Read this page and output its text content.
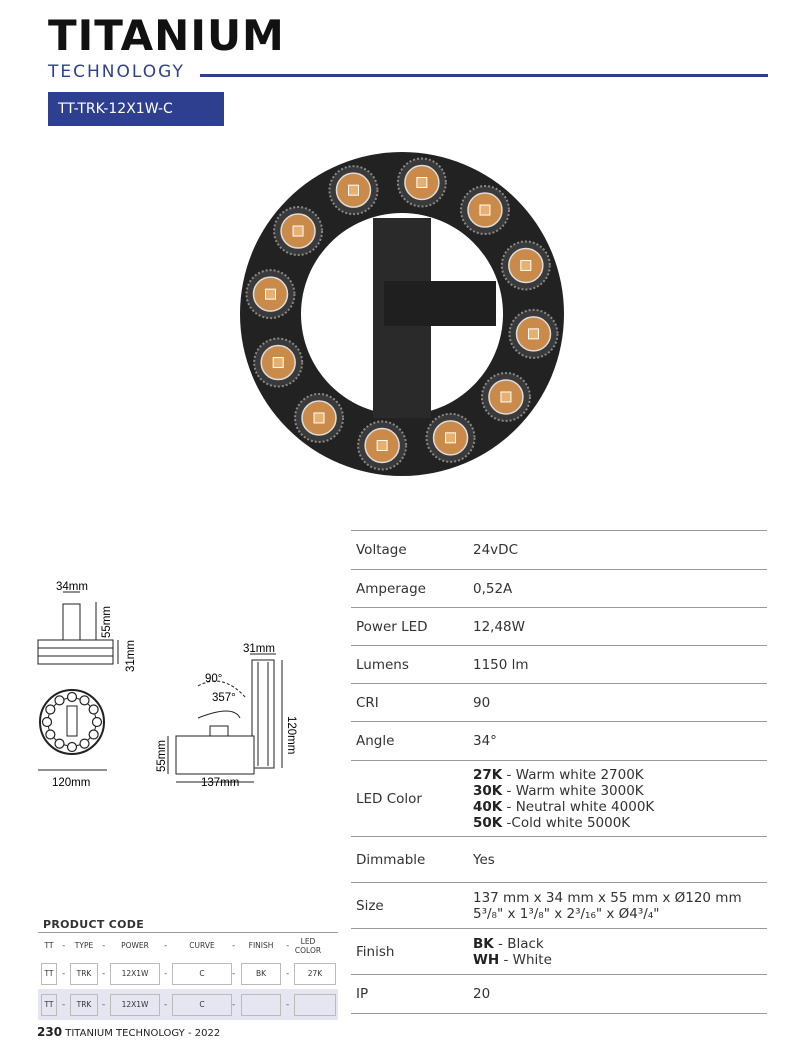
TITANIUM
TECHNOLOGY
TT-TRK-12X1W-C
34mm
55mm
31mm
120mm
31mm
120mm
90°
357°
55mm
137mm
Voltage	24vDC
Amperage	0,52A
Power LED	12,48W
Lumens	1150 lm
CRI	90
Angle	34°
LED Color
27K - Warm white 2700K
30K - Warm white 3000K
40K - Neutral white 4000K
50K -Cold white 5000K
Dimmable	Yes
Size	137 mm x 34 mm x 55 mm x Ø120 mm
5³/₈" x 1³/₈" x 2³/₁₆" x Ø4³/₄"
Finish	BK - Black
WH - White
IP	20
PRODUCT CODE
TT -	TYPE -	POWER	-	CURVE	-	FINISH	-	LED COLOR
TT -	TRK	-	12X1W	-	C	-	BK	-	27K
TT -	TRK	-	12X1W	-	C	-	-
230 TITANIUM TECHNOLOGY - 2022
